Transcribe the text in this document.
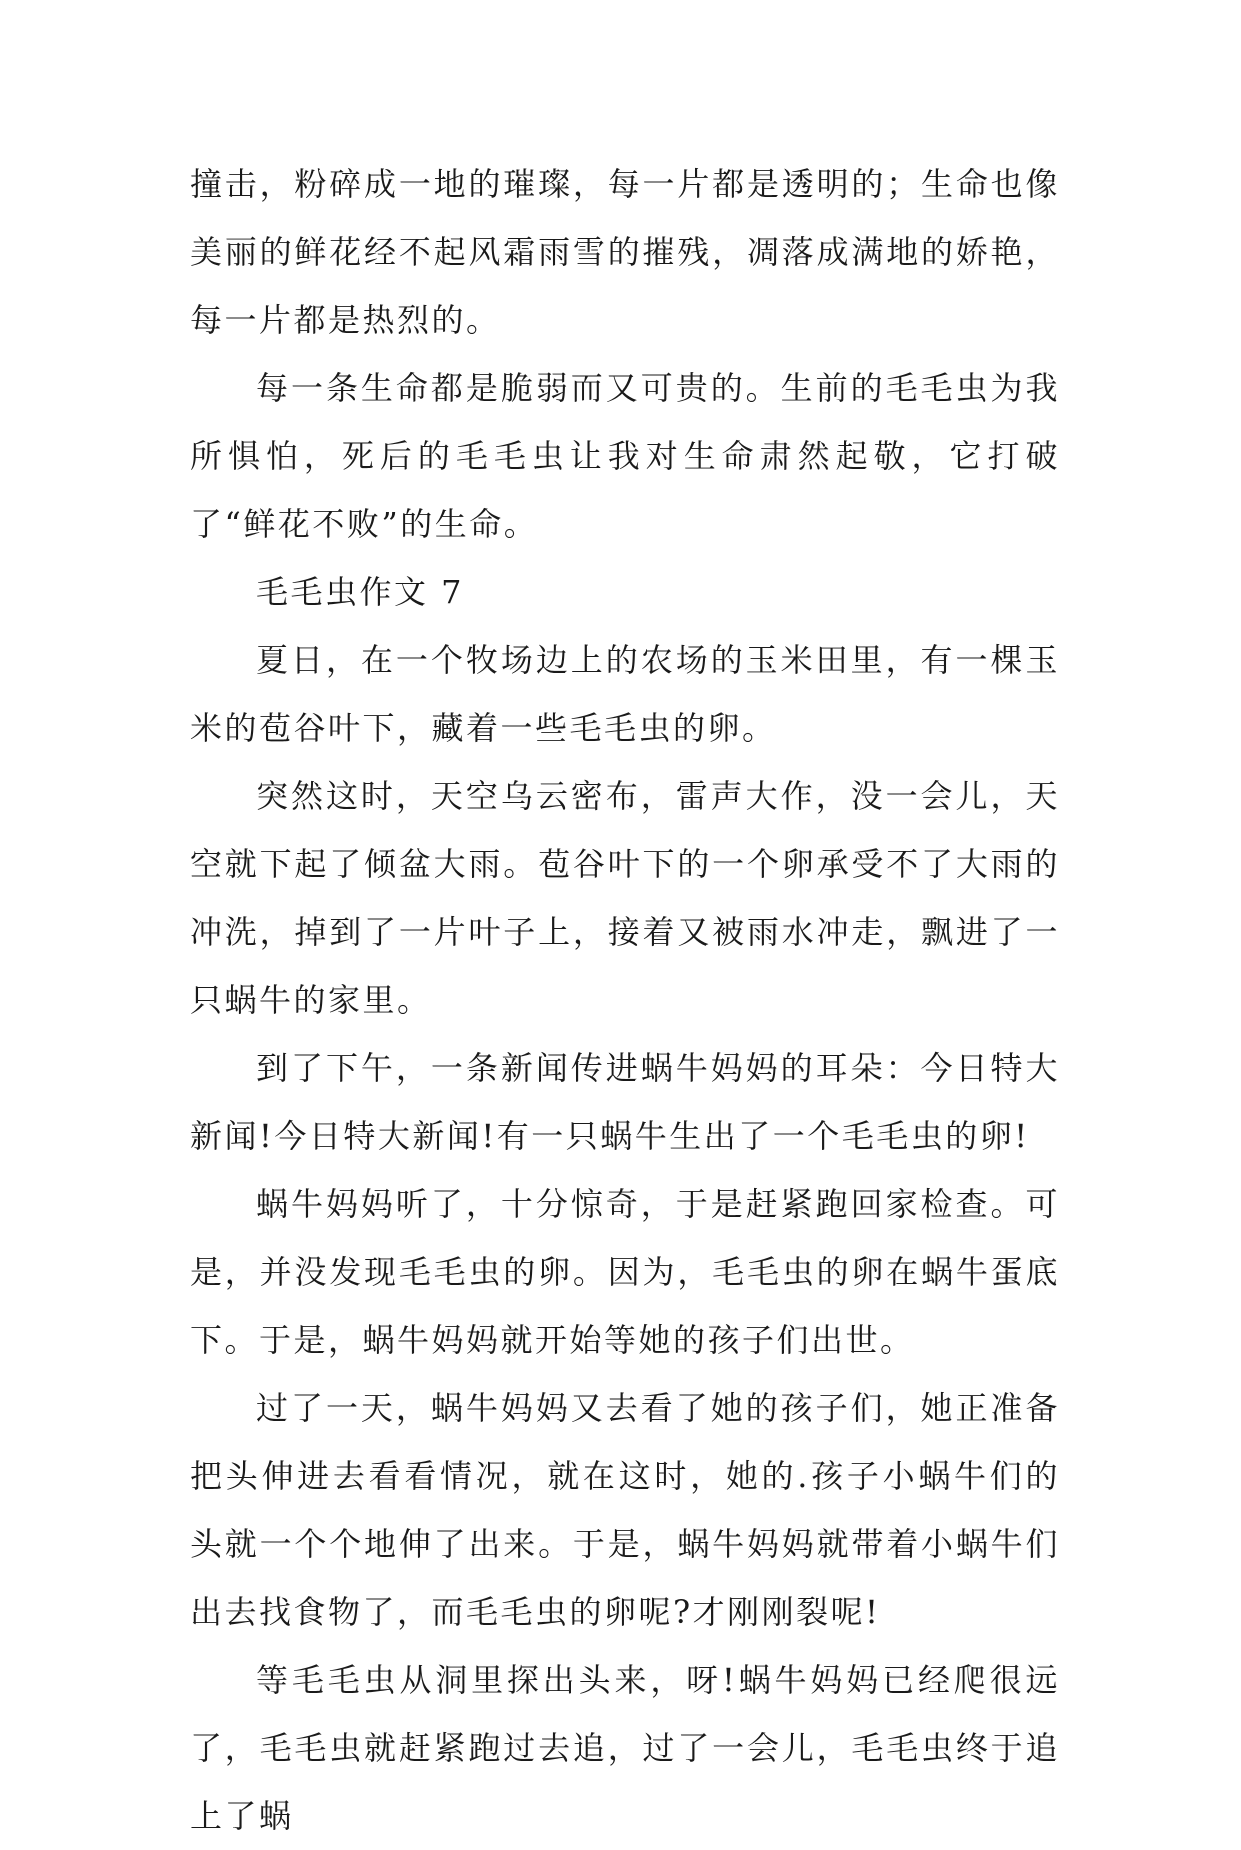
撞击，粉碎成一地的璀璨，每一片都是透明的；生命也像美丽的鲜花经不起风霜雨雪的摧残，凋落成满地的娇艳，每一片都是热烈的。

每一条生命都是脆弱而又可贵的。生前的毛毛虫为我所惧怕，死后的毛毛虫让我对生命肃然起敬，它打破了“鲜花不败”的生命。

毛毛虫作文 7

夏日，在一个牧场边上的农场的玉米田里，有一棵玉米的苞谷叶下，藏着一些毛毛虫的卵。

突然这时，天空乌云密布，雷声大作，没一会儿，天空就下起了倾盆大雨。苞谷叶下的一个卵承受不了大雨的冲洗，掉到了一片叶子上，接着又被雨水冲走，飘进了一只蜗牛的家里。

到了下午，一条新闻传进蜗牛妈妈的耳朵：今日特大新闻!今日特大新闻!有一只蜗牛生出了一个毛毛虫的卵!

蜗牛妈妈听了，十分惊奇，于是赶紧跑回家检查。可是，并没发现毛毛虫的卵。因为，毛毛虫的卵在蜗牛蛋底下。于是，蜗牛妈妈就开始等她的孩子们出世。

过了一天，蜗牛妈妈又去看了她的孩子们，她正准备把头伸进去看看情况，就在这时，她的.孩子小蜗牛们的头就一个个地伸了出来。于是，蜗牛妈妈就带着小蜗牛们出去找食物了，而毛毛虫的卵呢?才刚刚裂呢!

等毛毛虫从洞里探出头来，呀!蜗牛妈妈已经爬很远了，毛毛虫就赶紧跑过去追，过了一会儿，毛毛虫终于追上了蜗
